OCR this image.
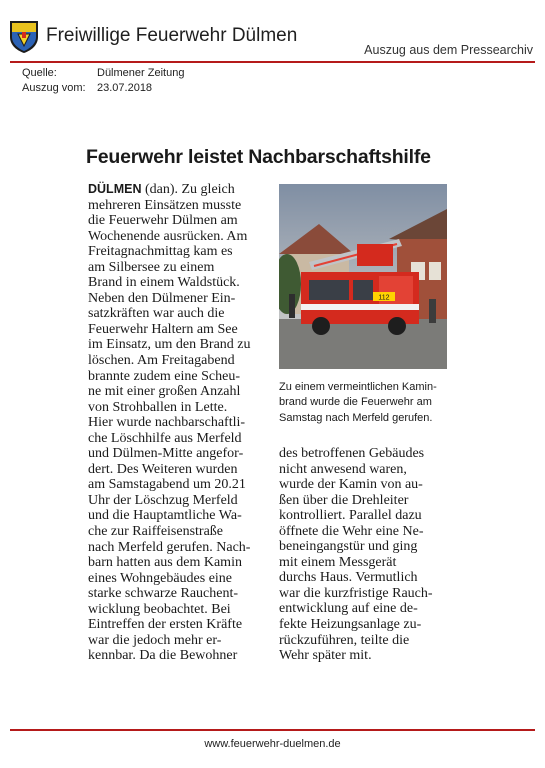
Freiwillige Feuerwehr Dülmen
Auszug aus dem Pressearchiv
Quelle:	Dülmener Zeitung
Auszug vom:	23.07.2018
Feuerwehr leistet Nachbarschaftshilfe
DÜLMEN (dan). Zu gleich
mehreren Einsätzen musste
die Feuerwehr Dülmen am
Wochenende ausrücken. Am
Freitagnachmittag kam es
am Silbersee zu einem
Brand in einem Waldstück.
Neben den Dülmener Ein-
satzkräften war auch die
Feuerwehr Haltern am See
im Einsatz, um den Brand zu
löschen. Am Freitagabend
brannte zudem eine Scheu-
ne mit einer großen Anzahl
von Strohballen in Lette.
Hier wurde nachbarschaftli-
che Löschhilfe aus Merfeld
und Dülmen-Mitte angefor-
dert. Des Weiteren wurden
am Samstagabend um 20.21
Uhr der Löschzug Merfeld
und die Hauptamtliche Wa-
che zur Raiffeisenstraße
nach Merfeld gerufen. Nach-
barn hatten aus dem Kamin
eines Wohngebäudes eine
starke schwarze Rauchent-
wicklung beobachtet. Bei
Eintreffen der ersten Kräfte
war die jedoch mehr er-
kennbar. Da die Bewohner
112
Zu einem vermeintlichen Kamin-
brand wurde die Feuerwehr am
Samstag nach Merfeld gerufen.
des betroffenen Gebäudes
nicht anwesend waren,
wurde der Kamin von au-
ßen über die Drehleiter
kontrolliert. Parallel dazu
öffnete die Wehr eine Ne-
beneingangstür und ging
mit einem Messgerät
durchs Haus. Vermutlich
war die kurzfristige Rauch-
entwicklung auf eine de-
fekte Heizungsanlage zu-
rückzuführen, teilte die
Wehr später mit.
www.feuerwehr-duelmen.de
